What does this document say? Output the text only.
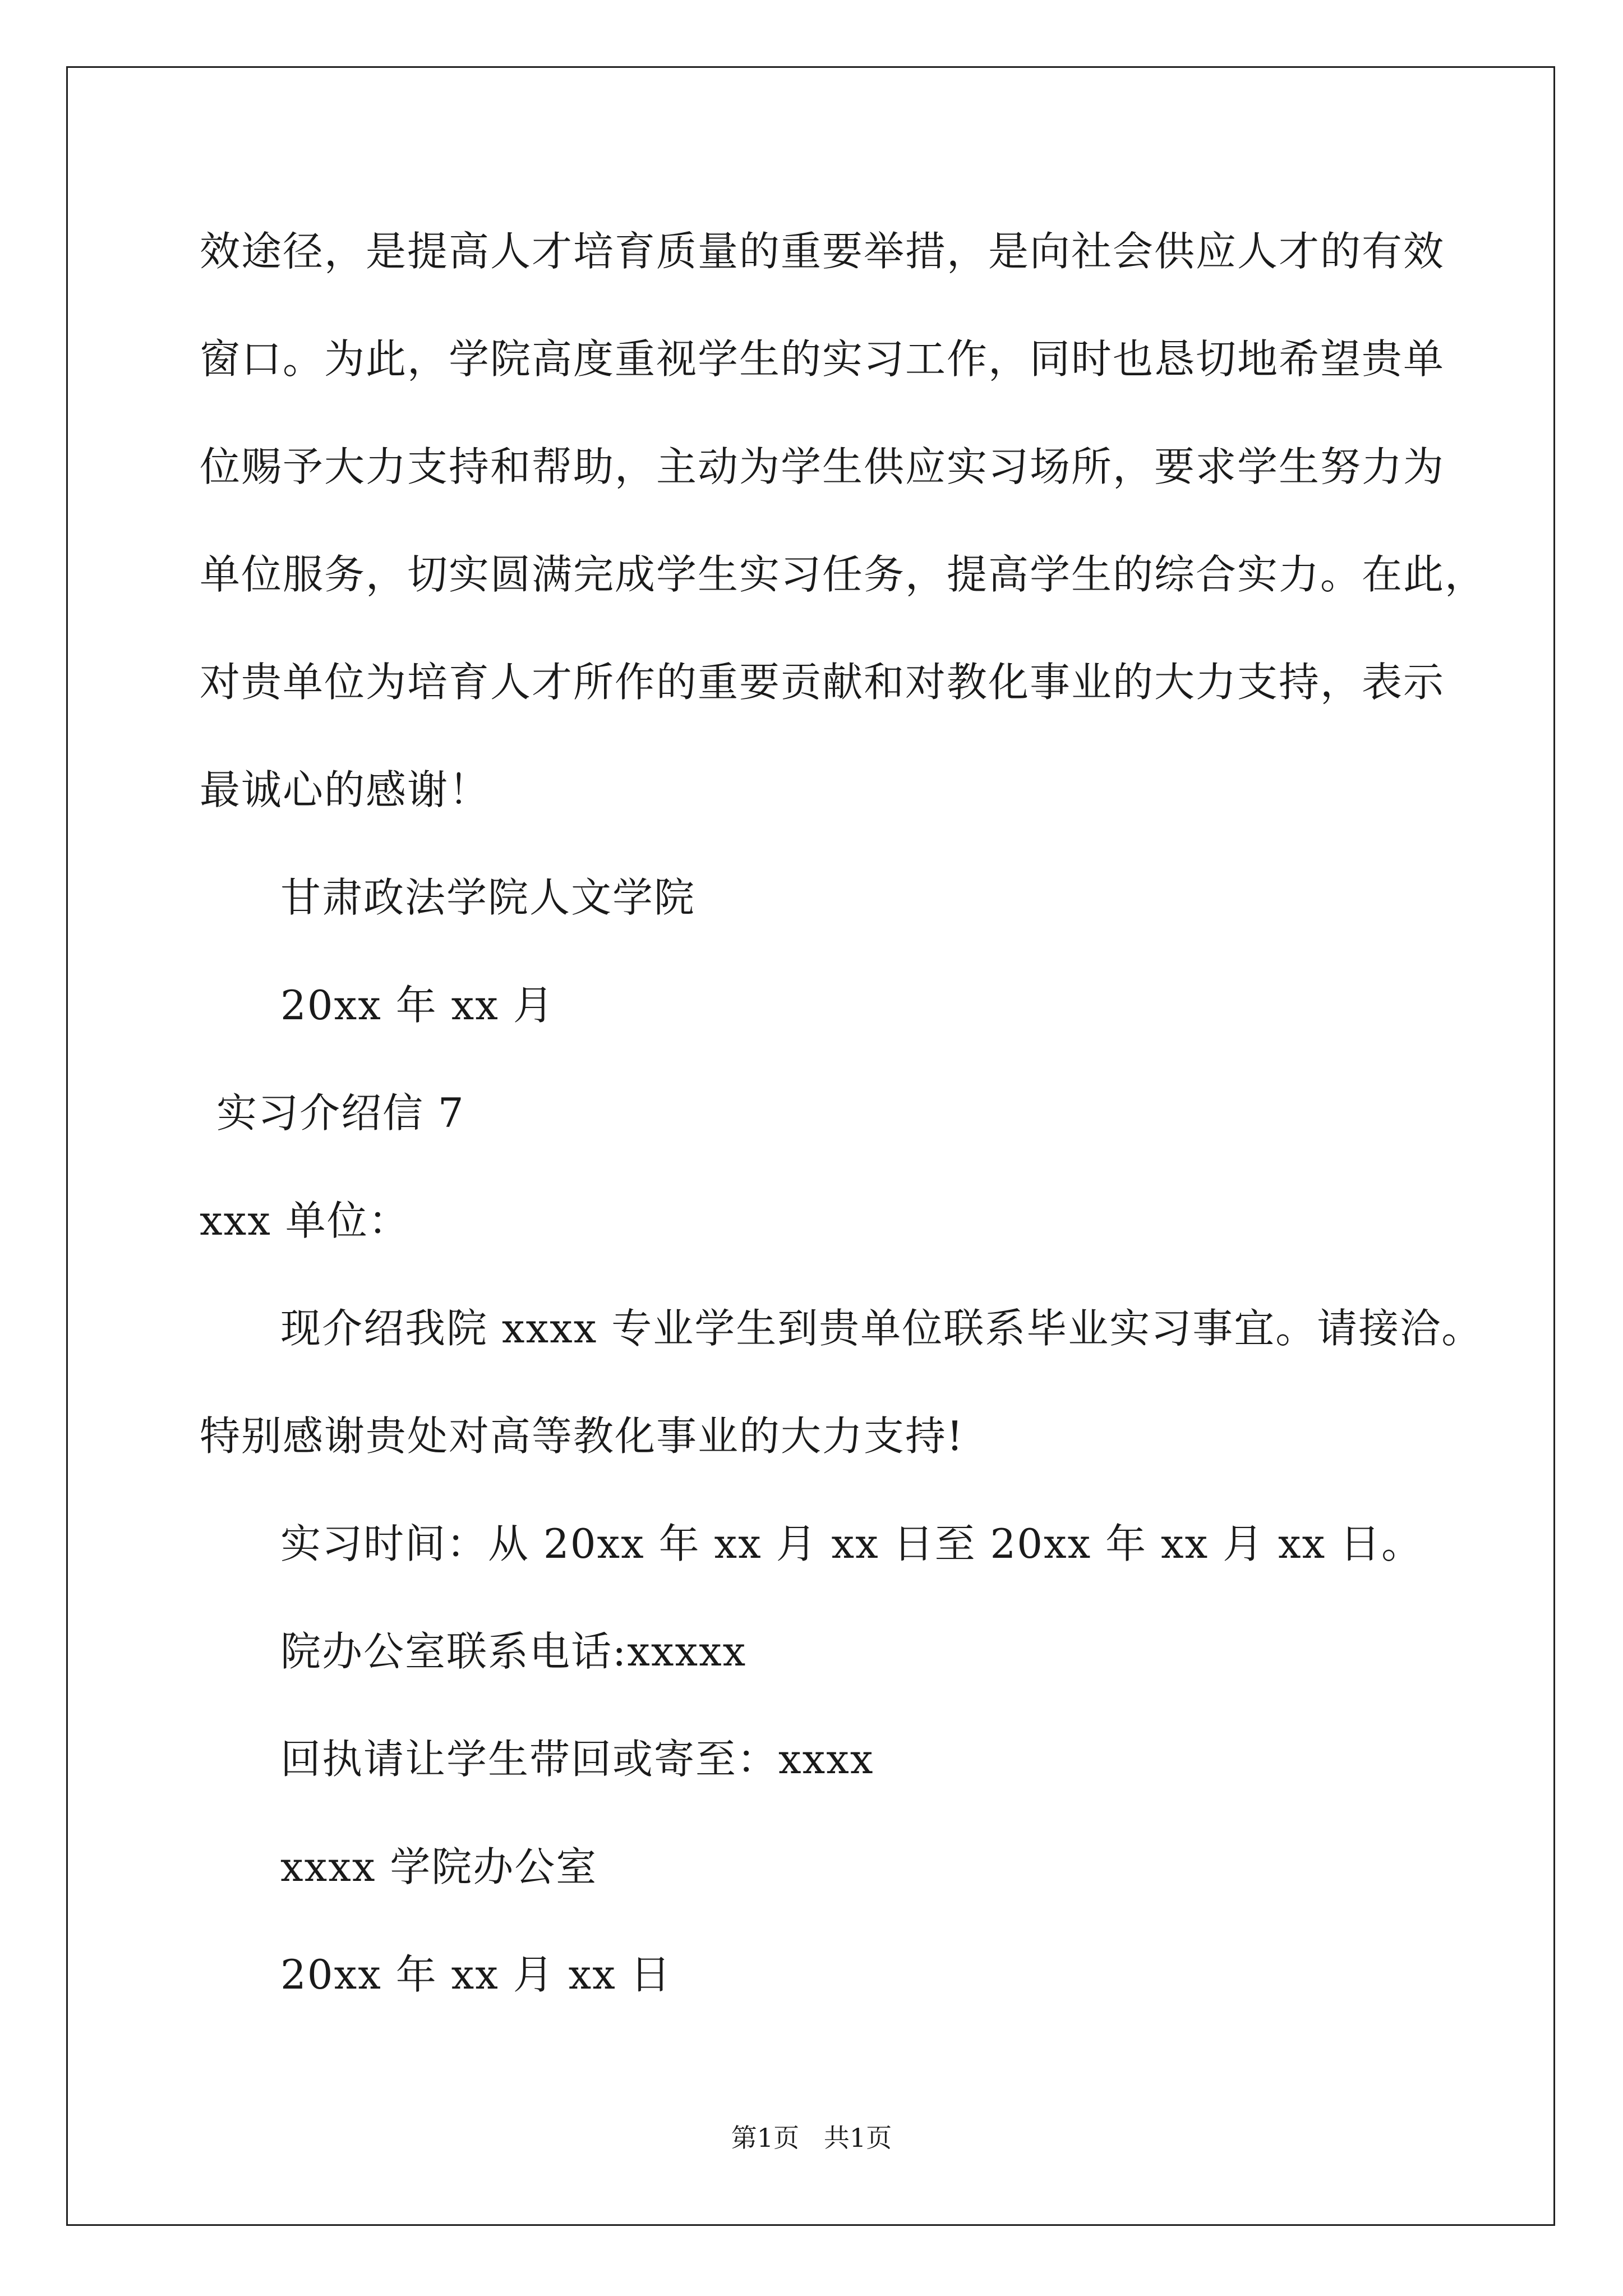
效途径，是提高人才培育质量的重要举措，是向社会供应人才的有效
窗口。为此，学院高度重视学生的实习工作，同时也恳切地希望贵单
位赐予大力支持和帮助，主动为学生供应实习场所，要求学生努力为
单位服务，切实圆满完成学生实习任务，提高学生的综合实力。在此，
对贵单位为培育人才所作的重要贡献和对教化事业的大力支持，表示
最诚心的感谢！
甘肃政法学院人文学院
20xx 年 xx 月
实习介绍信 7
xxx 单位：
现介绍我院 xxxx 专业学生到贵单位联系毕业实习事宜。请接洽。
特别感谢贵处对高等教化事业的大力支持!
实习时间：从 20xx 年 xx 月 xx 日至 20xx 年 xx 月 xx 日。
院办公室联系电话:xxxxx
回执请让学生带回或寄至：xxxx
xxxx 学院办公室
20xx 年 xx 月 xx 日
第1页   共1页
